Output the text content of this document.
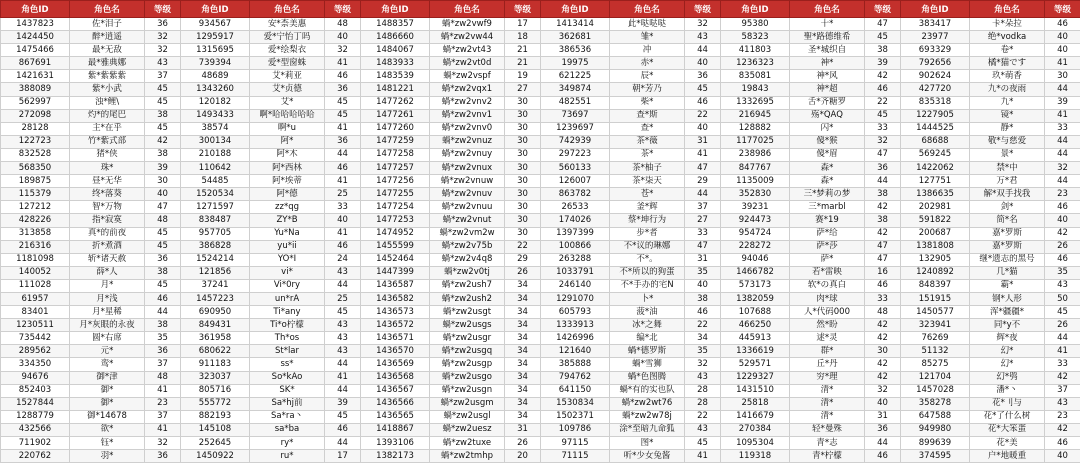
角色ID	角色名	等级	角色ID	角色名	等级	角色ID	角色名	等级	角色ID	角色名	等级	角色ID	角色名	等级	角色ID	角色名	等级
1437823	佐*泪子	36	934567	安*柰美惠	48	1488357	蝸*zw2vwf9	17	1413414	此*哒哒哒	32	95380	十*	47	383417	卡*朵拉	46
1424450	醉*逍遥	32	1295917	爱*宁怡丁吗	40	1486660	蝸*zw2vw44	18	362681	雏*	43	58323	聖*路德维希	45	23977	绝*vodka	40
1475466	最*无敌	32	1315695	爱*绘梨衣	32	1484067	蝸*zw2vt43	21	386536	冲	44	411803	圣*城织自	38	693329	卷*	40
867691	最*雅典娜	43	739394	爱*型窗蛛	41	1483933	蝸*zw2vt0d	21	19975	赤*	40	1236323	神*	39	792656	橘*猫です	41
1421631	紫*紫紫紫	37	48689	艾*莉亚	46	1483539	蝸*zw2vspf	19	621225	辰*	36	835081	神*风	42	902624	玖*萌香	30
388089	紫*小武	45	1343260	艾*贞德	36	1481221	蝸*zw2vqx1	27	349874	朝*芳乃	45	19843	神*超	46	427720	九*の夜雨	44
562997	浊*鲤\	45	120182	艾*	45	1477262	蝸*zw2vnv2	30	482551	柴*	46	1332695	舌*齐糖罗	22	835318	九*	39
272098	灼*的尾巴	38	1493433	啊*哈哈哈哈哈	45	1477261	蝸*zw2vnv1	30	73697	查*斯	22	216945	殇*QAQ	45	1227905	镜*	41
28128	主*在乎	45	38574	啊*u	41	1477260	蝸*zw2vnv0	30	1239697	查*	40	128882	闪*	33	1444525	静*	33
122723	竹*紫式部	42	300134	阿*	36	1477259	蝸*zw2vnuz	30	742939	茶*薇	31	1177025	傻*猴	32	68688	敬*与慈爱	44
832528	猪*侠	38	210188	阿*木	44	1477258	蝸*zw2vnuy	30	297223	茶*	41	238986	傻*眉	47	569245	景*	44
568350	珠*	39	110642	阿*西林	46	1477257	蝸*zw2vnux	30	560133	茶*柚子	47	847767	森*	36	1422062	禁*中	32
189875	昼*无华	30	54485	阿*埃蒂	41	1477256	蝸*zw2vnuw	30	126007	茶*柒天	29	1135009	森*	44	127751	万*君	44
115379	终*落葵	40	1520534	阿*德	25	1477255	蝸*zw2vnuv	30	863782	苍*	44	352830	三*梦莉の梦	38	1386635	解*双手找我	23
127212	智*万物	47	1271597	zz*qg	33	1477254	蝸*zw2vnuu	30	26533	釜*辉	37	39231	三*marbl	42	202981	剑*	46
428226	指*寂寞	48	838487	ZY*B	40	1477253	蝸*zw2vnut	30	174026	蔡*坤行为	27	924473	赛*19	38	591822	简*名	40
313858	真*的前夜	45	957705	Yu*Na	41	1474952	蝸*zw2vm2w	30	1397399	步*者	33	954724	萨*给	42	200687	嘉*罗斯	42
216316	折*煮酒	45	386828	yu*ii	46	1455599	蝸*zw2v75b	22	100866	不*议的琳娜	47	228272	萨*莎	47	1381808	嘉*罗斯	26
1181098	斩*诸天赦	36	1524214	YO*I	24	1452464	蝸*zw2v4q8	29	263288	不*。	31	94046	萨*	47	132905	继*遗志的黑号	46
140052	薛*人	38	121856	vi*	43	1447399	蝸*zw2v0tj	26	1033791	不*所以的狗蛋	35	1466782	若*雷映	16	1240892	几*猫	35
111028	月*	45	37241	Vi*0ry	44	1436587	蝸*zw2ush7	34	246140	不*手办的宅N	40	573173	软*の真白	46	848397	霸*	43
61957	月*浅	46	1457223	un*rA	25	1436582	蝸*zw2ush2	34	1291070	卜*	38	1382059	肉*球	33	151915	钢*人形	50
83401	月*星稀	44	690950	Ti*any	45	1436573	蝸*zw2usgt	34	605793	菠*油	46	107688	人*代码000	48	1450577	浑*疆疆*	45
1230511	月*灰眼的永夜	38	849431	Ti*o柠檬	43	1436572	蝸*zw2usgs	34	1333913	冰*之舞	22	466250	然*盼	42	323941	同*y不	26
735442	圆*右席	35	361958	Th*os	43	1436571	蝸*zw2usgr	34	1426996	编*北	34	445913	逑*灵	42	76269	辉*夜	44
289562	元*	36	680622	St*lar	43	1436570	蝸*zw2usgq	34	121640	蝸*德罗斯	35	1336619	群*	30	51132	幻*	41
334350	鸾*	37	911183	ss*	44	1436569	蝸*zw2usgp	34	385888	蝸*雪狮	32	529571	丘*丹	42	85275	幻*	33
94676	御*津	48	323037	So*kAo	41	1436568	蝸*zw2usgo	34	794762	蝸*色图腾	43	1229327	穷*理	42	121704	幻*鸮	42
852403	御*	41	805716	SK*	44	1436567	蝸*zw2usgn	34	641150	蝸*有的实也队	28	1431510	清*	32	1457028	潘*丶	37
1527844	御*	23	555772	Sa*hj前	39	1436566	蝸*zw2usgm	34	1530834	蝸*zw2wt76	28	25818	清*	40	358278	花*刂与	43
1288779	御*14678	37	882193	Sa*ra丶	45	1436565	蝸*zw2usgl	34	1502371	蝸*zw2w78j	22	1416679	清*	31	647588	花*了什么树	23
432566	欲*	41	145108	sa*ba	46	1418867	蝸*zw2uesz	31	109786	涂*至暗九命狐	43	270384	轻*曼殊	36	949980	花*大笨蛋	42
711902	钰*	32	252645	ry*	44	1393106	蝸*zw2tuxe	26	97115	图*	45	1095304	青*志	44	899639	花*美	46
220762	羽*	36	1450922	ru*	17	1382173	蝸*zw2tmhp	20	71115	听*少女兔酱	41	119318	青*柠檬	46	374595	户*地暖重	40
